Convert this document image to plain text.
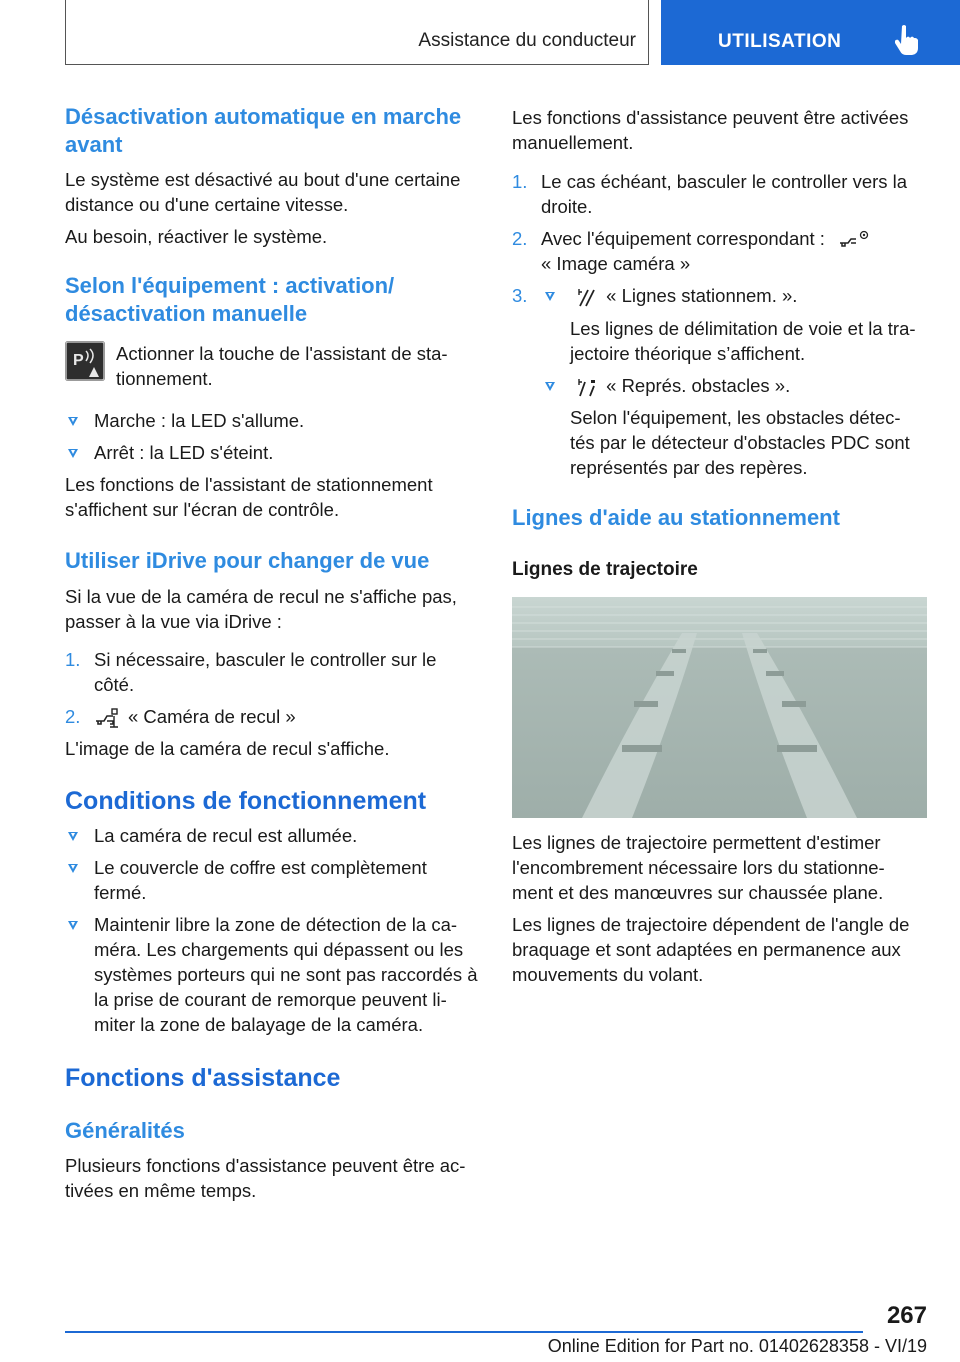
Assistance du conducteur	UTILISATION
Désactivation automatique en marche avant
Le système est désactivé au bout d'une certaine distance ou d'une certaine vitesse.
Au besoin, réactiver le système.
Selon l'équipement : activation/ désactivation manuelle
P Actionner la touche de l'assistant de sta- tionnement.
Marche : la LED s'allume.
Arrêt : la LED s'éteint.
Les fonctions de l'assistant de stationnement s'affichent sur l'écran de contrôle.
Utiliser iDrive pour changer de vue
Si la vue de la caméra de recul ne s'affiche pas, passer à la vue via iDrive :
1. Si nécessaire, basculer le controller sur le côté.
2.	« Caméra de recul »
L'image de la caméra de recul s'affiche.
Conditions de fonctionnement
La caméra de recul est allumée.
Le couvercle de coffre est complètement fermé.
Maintenir libre la zone de détection de la ca- méra. Les chargements qui dépassent ou les systèmes porteurs qui ne sont pas raccordés à la prise de courant de remorque peuvent li- miter la zone de balayage de la caméra.
Fonctions d'assistance
Généralités
Plusieurs fonctions d'assistance peuvent être ac- tivées en même temps.
Les fonctions d'assistance peuvent être activées manuellement.
1. Le cas échéant, basculer le controller vers la droite.
2. Avec l'équipement correspondant :
« Image caméra »
3.	« Lignes stationnem. ».
Les lignes de délimitation de voie et la tra- jectoire théorique s’affichent.
« Représ. obstacles ».
Selon l'équipement, les obstacles détec- tés par le détecteur d'obstacles PDC sont représentés par des repères.
Lignes d'aide au stationnement
Lignes de trajectoire
Les lignes de trajectoire permettent d'estimer l'encombrement nécessaire lors du stationne- ment et des manœuvres sur chaussée plane.
Les lignes de trajectoire dépendent de l'angle de braquage et sont adaptées en permanence aux mouvements du volant.
267
Online Edition for Part no. 01402628358 - VI/19
